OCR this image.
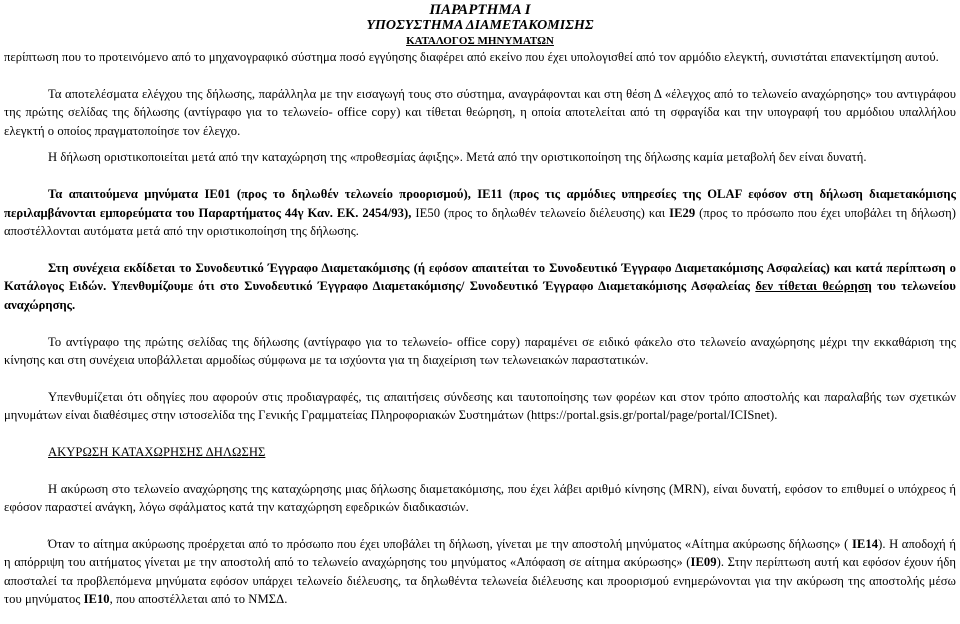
ΠΑΡΑΡΤΗΜΑ Ι
ΥΠΟΣΥΣΤΗΜΑ ΔΙΑΜΕΤΑΚΟΜΙΣΗΣ
ΚΑΤΑΛΟΓΟΣ ΜΗΝΥΜΑΤΩΝ

περίπτωση που το προτεινόμενο από το μηχανογραφικό σύστημα ποσό εγγύησης διαφέρει από εκείνο που έχει υπολογισθεί από τον αρμόδιο ελεγκτή, συνιστάται επανεκτίμηση αυτού.

Τα αποτελέσματα ελέγχου της δήλωσης, παράλληλα με την εισαγωγή τους στο σύστημα, αναγράφονται και στη θέση Δ «έλεγχος από το τελωνείο αναχώρησης» του αντιγράφου της πρώτης σελίδας της δήλωσης (αντίγραφο για το τελωνείο- office copy) και τίθεται θεώρηση, η οποία αποτελείται από τη σφραγίδα και την υπογραφή του αρμόδιου υπαλλήλου ελεγκτή ο οποίος πραγματοποίησε τον έλεγχο.

Η δήλωση οριστικοποιείται μετά από την καταχώρηση της «προθεσμίας άφιξης». Μετά από την οριστικοποίηση της δήλωσης καμία μεταβολή δεν είναι δυνατή.

Τα απαιτούμενα μηνύματα ΙΕ01 (προς το δηλωθέν τελωνείο προορισμού), ΙΕ11 (προς τις αρμόδιες υπηρεσίες της OLAF εφόσον στη δήλωση διαμετακόμισης περιλαμβάνονται εμπορεύματα του Παραρτήματος 44γ Καν. ΕΚ. 2454/93), ΙΕ50 (προς το δηλωθέν τελωνείο διέλευσης) και ΙΕ29 (προς το πρόσωπο που έχει υποβάλει τη δήλωση) αποστέλλονται αυτόματα μετά από την οριστικοποίηση της δήλωσης.

Στη συνέχεια εκδίδεται το Συνοδευτικό Έγγραφο Διαμετακόμισης (ή εφόσον απαιτείται το Συνοδευτικό Έγγραφο Διαμετακόμισης Ασφαλείας) και κατά περίπτωση ο Κατάλογος Ειδών. Υπενθυμίζουμε ότι στο Συνοδευτικό Έγγραφο Διαμετακόμισης/ Συνοδευτικό Έγγραφο Διαμετακόμισης Ασφαλείας δεν τίθεται θεώρηση του τελωνείου αναχώρησης.

Το αντίγραφο της πρώτης σελίδας της δήλωσης (αντίγραφο για το τελωνείο- office copy) παραμένει σε ειδικό φάκελο στο τελωνείο αναχώρησης μέχρι την εκκαθάριση της κίνησης και στη συνέχεια υποβάλλεται αρμοδίως σύμφωνα με τα ισχύοντα για τη διαχείριση των τελωνειακών παραστατικών.

Υπενθυμίζεται ότι οδηγίες που αφορούν στις προδιαγραφές, τις απαιτήσεις σύνδεσης και ταυτοποίησης των φορέων και στον τρόπο αποστολής και παραλαβής των σχετικών μηνυμάτων είναι διαθέσιμες στην ιστοσελίδα της Γενικής Γραμματείας Πληροφοριακών Συστημάτων (https://portal.gsis.gr/portal/page/portal/ICISnet).

ΑΚΥΡΩΣΗ ΚΑΤΑΧΩΡΗΣΗΣ ΔΗΛΩΣΗΣ

Η ακύρωση στο τελωνείο αναχώρησης της καταχώρησης μιας δήλωσης διαμετακόμισης, που έχει λάβει αριθμό κίνησης (MRN), είναι δυνατή, εφόσον το επιθυμεί ο υπόχρεος ή εφόσον παραστεί ανάγκη, λόγω σφάλματος κατά την καταχώρηση εφεδρικών διαδικασιών.

Όταν το αίτημα ακύρωσης προέρχεται από το πρόσωπο που έχει υποβάλει τη δήλωση, γίνεται με την αποστολή μηνύματος «Αίτημα ακύρωσης δήλωσης» ( ΙΕ14). Η αποδοχή ή η απόρριψη του αιτήματος γίνεται με την αποστολή από το τελωνείο αναχώρησης του μηνύματος «Απόφαση σε αίτημα ακύρωσης» (ΙΕ09). Στην περίπτωση αυτή και εφόσον έχουν ήδη αποσταλεί τα προβλεπόμενα μηνύματα εφόσον υπάρχει τελωνείο διέλευσης, τα δηλωθέντα τελωνεία διέλευσης και προορισμού ενημερώνονται για την ακύρωση της αποστολής μέσω του μηνύματος ΙΕ10, που αποστέλλεται από το ΝΜΣΔ.
